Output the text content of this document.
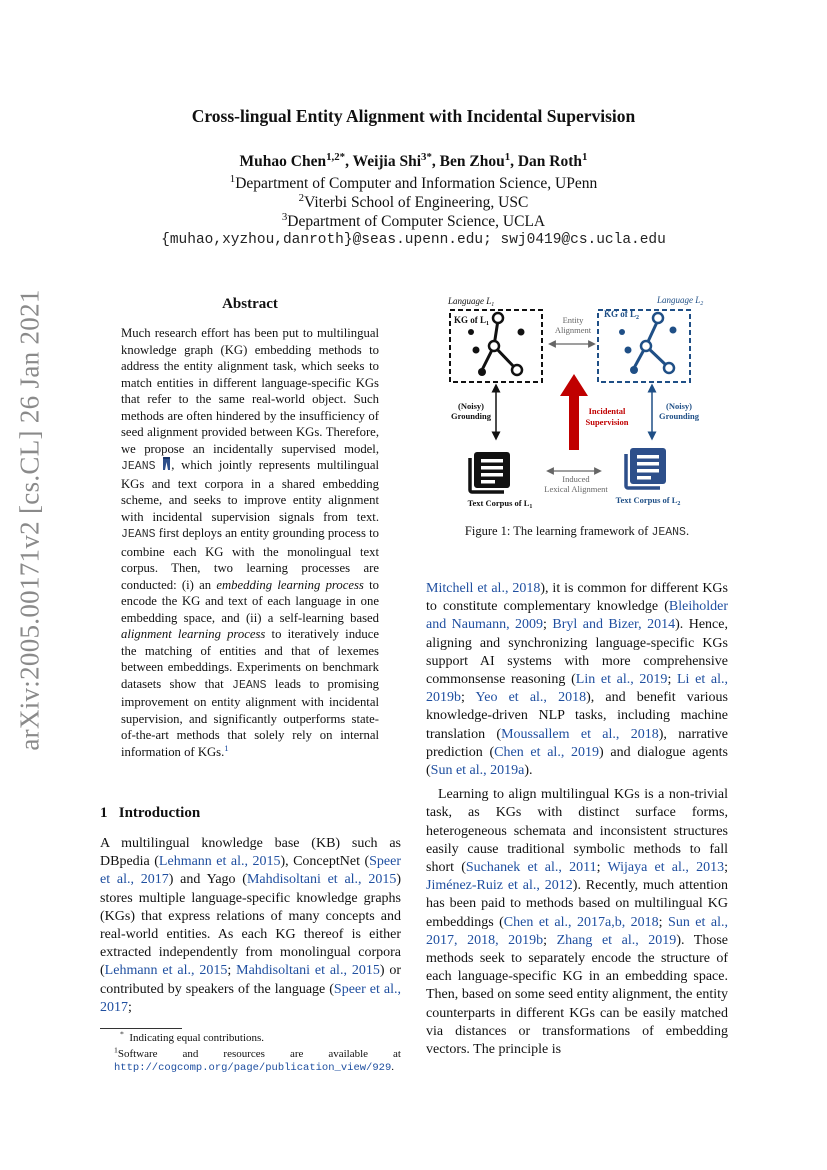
arXiv:2005.00171v2 [cs.CL] 26 Jan 2021
Cross-lingual Entity Alignment with Incidental Supervision
Muhao Chen$^{1,2*}$, Weijia Shi$^{3*}$, Ben Zhou$^1$, Dan Roth$^1$
$^1$Department of Computer and Information Science, UPenn
$^2$Viterbi School of Engineering, USC
$^3$Department of Computer Science, UCLA
{muhao,xyzhou,danroth}@seas.upenn.edu; swj0419@cs.ucla.edu
Abstract
Much research effort has been put to multilingual knowledge graph (KG) embedding methods to address the entity alignment task, which seeks to match entities in different language-specific KGs that refer to the same real-world object. Such methods are often hindered by the insufficiency of seed alignment provided between KGs. Therefore, we propose an incidentally supervised model, JEANS , which jointly represents multilingual KGs and text corpora in a shared embedding scheme, and seeks to improve entity alignment with incidental supervision signals from text. JEANS first deploys an entity grounding process to combine each KG with the monolingual text corpus. Then, two learning processes are conducted: (i) an embedding learning process to encode the KG and text of each language in one embedding space, and (ii) a self-learning based alignment learning process to iteratively induce the matching of entities and that of lexemes between embeddings. Experiments on benchmark datasets show that JEANS leads to promising improvement on entity alignment with incidental supervision, and significantly outperforms state-of-the-art methods that solely rely on internal information of KGs.$^1$
1 Introduction
A multilingual knowledge base (KB) such as DBpedia (Lehmann et al., 2015), ConceptNet (Speer et al., 2017) and Yago (Mahdisoltani et al., 2015) stores multiple language-specific knowledge graphs (KGs) that express relations of many concepts and real-world entities. As each KG thereof is either extracted independently from monolingual corpora (Lehmann et al., 2015; Mahdisoltani et al., 2015) or contributed by speakers of the language (Speer et al., 2017;
* Indicating equal contributions.
$^1$Software and resources are available at http://cogcomp.org/page/publication_view/929.

Mitchell et al., 2018), it is common for different KGs to constitute complementary knowledge (Bleiholder and Naumann, 2009; Bryl and Bizer, 2014). Hence, aligning and synchronizing language-specific KGs support AI systems with more comprehensive commonsense reasoning (Lin et al., 2019; Li et al., 2019b; Yeo et al., 2018), and benefit various knowledge-driven NLP tasks, including machine translation (Moussallem et al., 2018), narrative prediction (Chen et al., 2019) and dialogue agents (Sun et al., 2019a).

Learning to align multilingual KGs is a non-trivial task, as KGs with distinct surface forms, heterogeneous schemata and inconsistent structures easily cause traditional symbolic methods to fall short (Suchanek et al., 2011; Wijaya et al., 2013; Jiménez-Ruiz et al., 2012). Recently, much attention has been paid to methods based on multilingual KG embeddings (Chen et al., 2017a,b, 2018; Sun et al., 2017, 2018, 2019b; Zhang et al., 2019). Those methods seek to separately encode the structure of each language-specific KG in an embedding space. Then, based on some seed entity alignment, the entity counterparts in different KGs can be easily matched via distances or transformations of embedding vectors. The principle is

Language $L_1$	Language $L_2$
KG of $L_1$
KG of $L_2$
Entity
Alignment
(Noisy)
Grounding
(Noisy)
Grounding
Incidental
Supervision
Text Corpus of $L_1$
Text Corpus of $L_2$
Induced
Lexical Alignment
Figure 1: The learning framework of JEANS.
